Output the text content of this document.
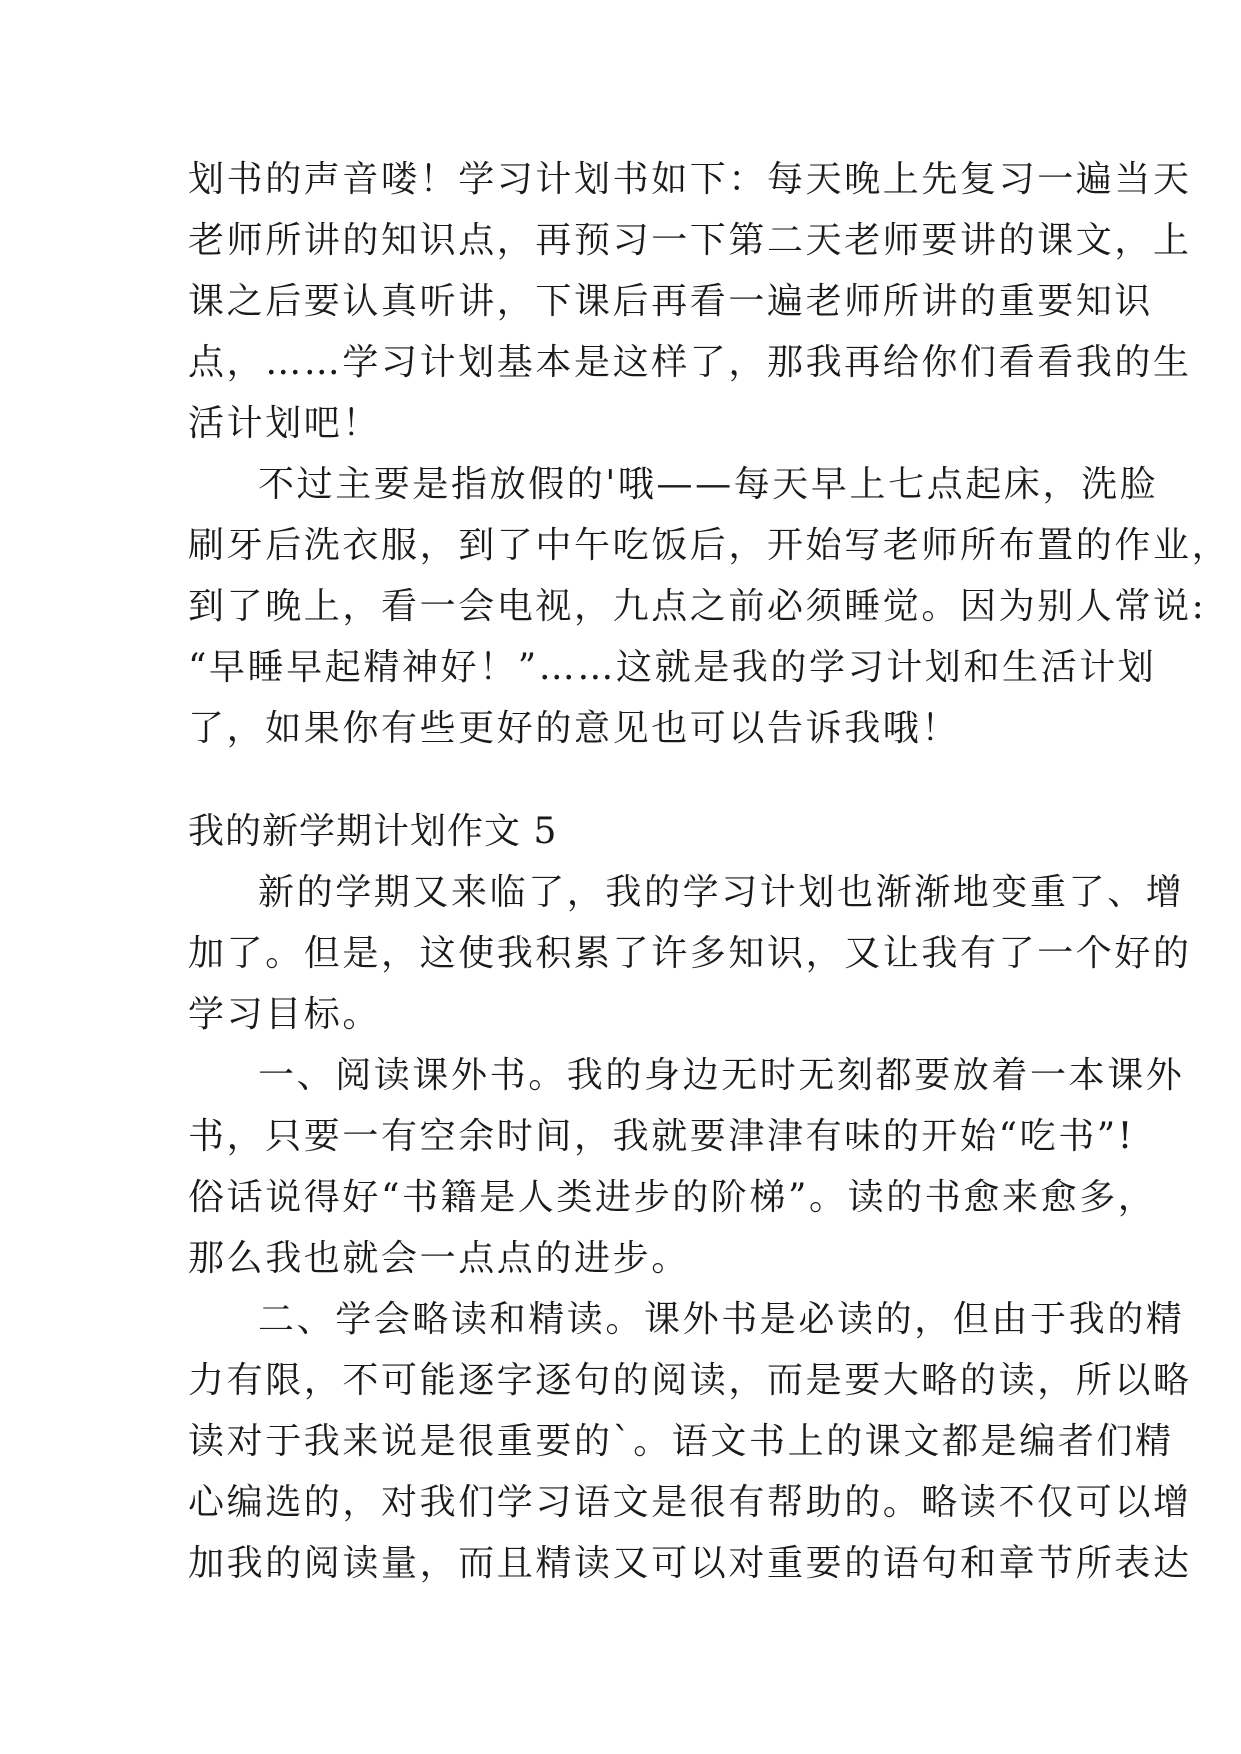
划书的声音喽！学习计划书如下：每天晚上先复习一遍当天
老师所讲的知识点，再预习一下第二天老师要讲的课文，上
课之后要认真听讲，下课后再看一遍老师所讲的重要知识
点，……学习计划基本是这样了，那我再给你们看看我的生
活计划吧！
不过主要是指放假的'哦——每天早上七点起床，洗脸
刷牙后洗衣服，到了中午吃饭后，开始写老师所布置的作业，
到了晚上，看一会电视，九点之前必须睡觉。因为别人常说:
“早睡早起精神好！”……这就是我的学习计划和生活计划
了，如果你有些更好的意见也可以告诉我哦！
我的新学期计划作文 5
新的学期又来临了，我的学习计划也渐渐地变重了、增
加了。但是，这使我积累了许多知识，又让我有了一个好的
学习目标。
一、阅读课外书。我的身边无时无刻都要放着一本课外
书，只要一有空余时间，我就要津津有味的开始“吃书”!
俗话说得好“书籍是人类进步的阶梯”。读的书愈来愈多，
那么我也就会一点点的进步。
二、学会略读和精读。课外书是必读的，但由于我的精
力有限，不可能逐字逐句的阅读，而是要大略的读，所以略
读对于我来说是很重要的`。语文书上的课文都是编者们精
心编选的，对我们学习语文是很有帮助的。略读不仅可以增
加我的阅读量，而且精读又可以对重要的语句和章节所表达
